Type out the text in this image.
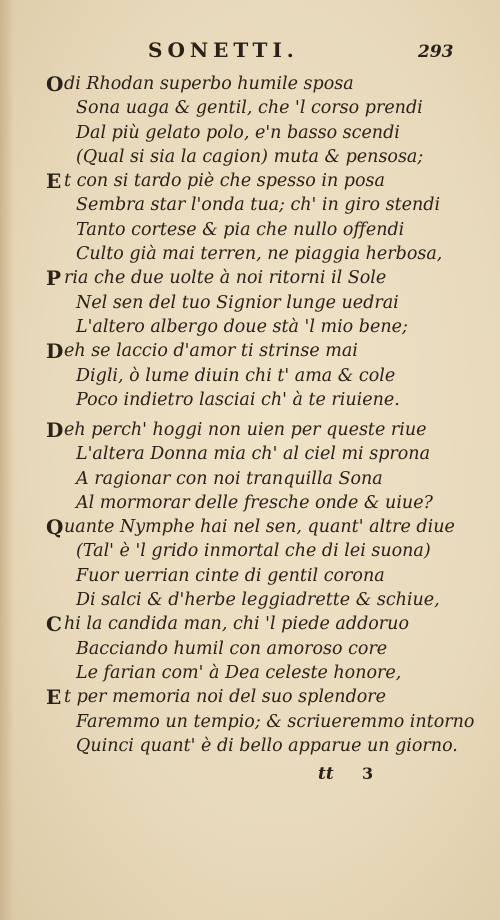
SONETTI.	293
O di Rhodan superbo humile sposa
Sona uaga & gentil, che 'l corso prendi
Dal più gelato polo, e'n basso scendi
(Qual si sia la cagion) muta & pensosa;
E t con si tardo piè che spesso in posa
Sembra star l'onda tua; ch' in giro stendi
Tanto cortese & pia che nullo offendi
Culto già mai terren, ne piaggia herbosa,
P ria che due uolte à noi ritorni il Sole
Nel sen del tuo Signior lunge uedrai
L'altero albergo doue stà 'l mio bene;
D eh se laccio d'amor ti strinse mai
Digli, ò lume diuin chi t' ama & cole
Poco indietro lasciai ch' à te riuiene.
D eh perch' hoggi non uien per queste riue
L'altera Donna mia ch' al ciel mi sprona
A ragionar con noi tranquilla Sona
Al mormorar delle fresche onde & uiue?
Q uante Nymphe hai nel sen, quant' altre diue
(Tal' è 'l grido inmortal che di lei suona)
Fuor uerrian cinte di gentil corona
Di salci & d'herbe leggiadrette & schiue,
C hi la candida man, chi 'l piede addoruo
Bacciando humil con amoroso core
Le farian com' à Dea celeste honore,
E t per memoria noi del suo splendore
Faremmo un tempio; & scriueremmo intorno
Quinci quant' è di bello apparue un giorno.
tt 3
